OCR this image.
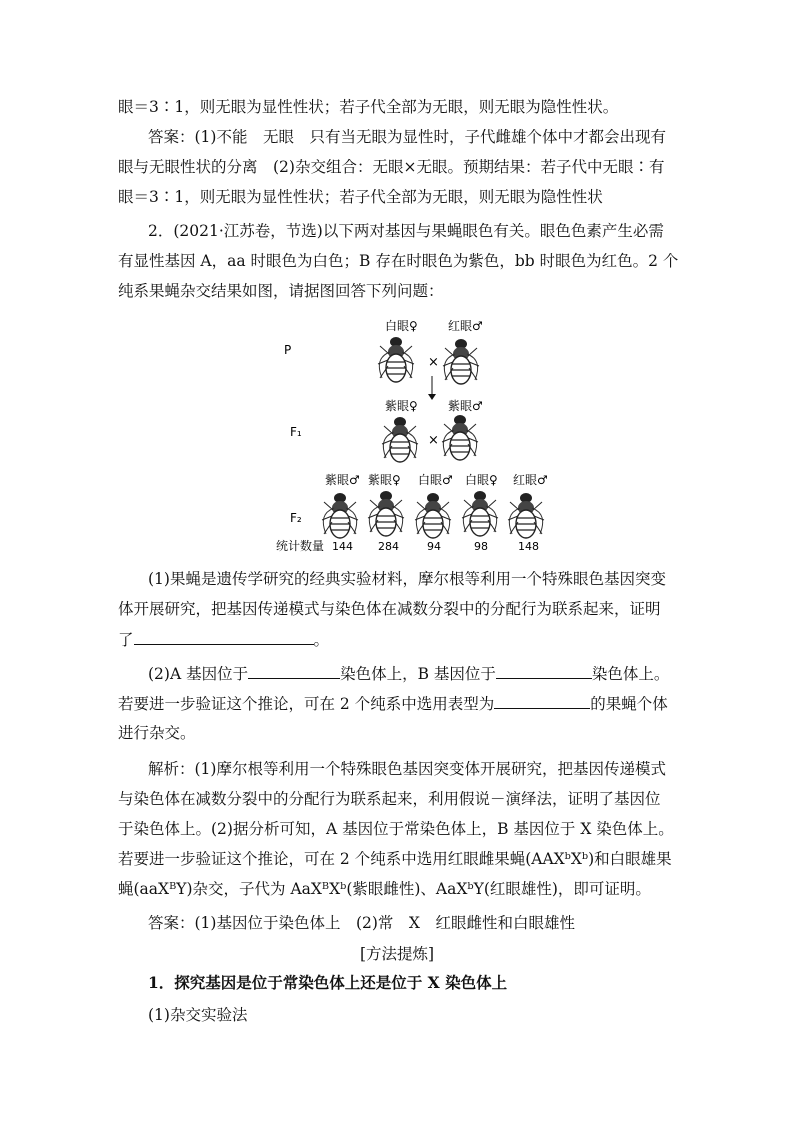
眼＝3∶1，则无眼为显性性状；若子代全部为无眼，则无眼为隐性性状。
答案：(1)不能　无眼　只有当无眼为显性时，子代雌雄个体中才都会出现有
眼与无眼性状的分离　(2)杂交组合：无眼×无眼。预期结果：若子代中无眼∶有
眼＝3∶1，则无眼为显性性状；若子代全部为无眼，则无眼为隐性性状
2．(2021·江苏卷，节选)以下两对基因与果蝇眼色有关。眼色色素产生必需
有显性基因 A，aa 时眼色为白色；B 存在时眼色为紫色，bb 时眼色为红色。2 个
纯系果蝇杂交结果如图，请据图回答下列问题：
P
白眼♀	红眼♂
×
F₁
紫眼♀	紫眼♂
×
紫眼♂ 紫眼♀ 白眼♂ 白眼♀ 红眼♂
F₂
统计数量 144 284	94	98	148
(1)果蝇是遗传学研究的经典实验材料，摩尔根等利用一个特殊眼色基因突变
体开展研究，把基因传递模式与染色体在减数分裂中的分配行为联系起来，证明
了	。
(2)A 基因位于	染色体上，B 基因位于	染色体上。
若要进一步验证这个推论，可在 2 个纯系中选用表型为	的果蝇个体
进行杂交。
解析：(1)摩尔根等利用一个特殊眼色基因突变体开展研究，把基因传递模式
与染色体在减数分裂中的分配行为联系起来，利用假说－演绎法，证明了基因位
于染色体上。(2)据分析可知，A 基因位于常染色体上，B 基因位于 X 染色体上。
若要进一步验证这个推论，可在 2 个纯系中选用红眼雌果蝇(AAXᵇXᵇ)和白眼雄果
蝇(aaXᴮY)杂交，子代为 AaXᴮXᵇ(紫眼雌性)、AaXᵇY(红眼雄性)，即可证明。
答案：(1)基因位于染色体上　(2)常　X　红眼雌性和白眼雄性
[方法提炼]
1．探究基因是位于常染色体上还是位于 X 染色体上
(1)杂交实验法
